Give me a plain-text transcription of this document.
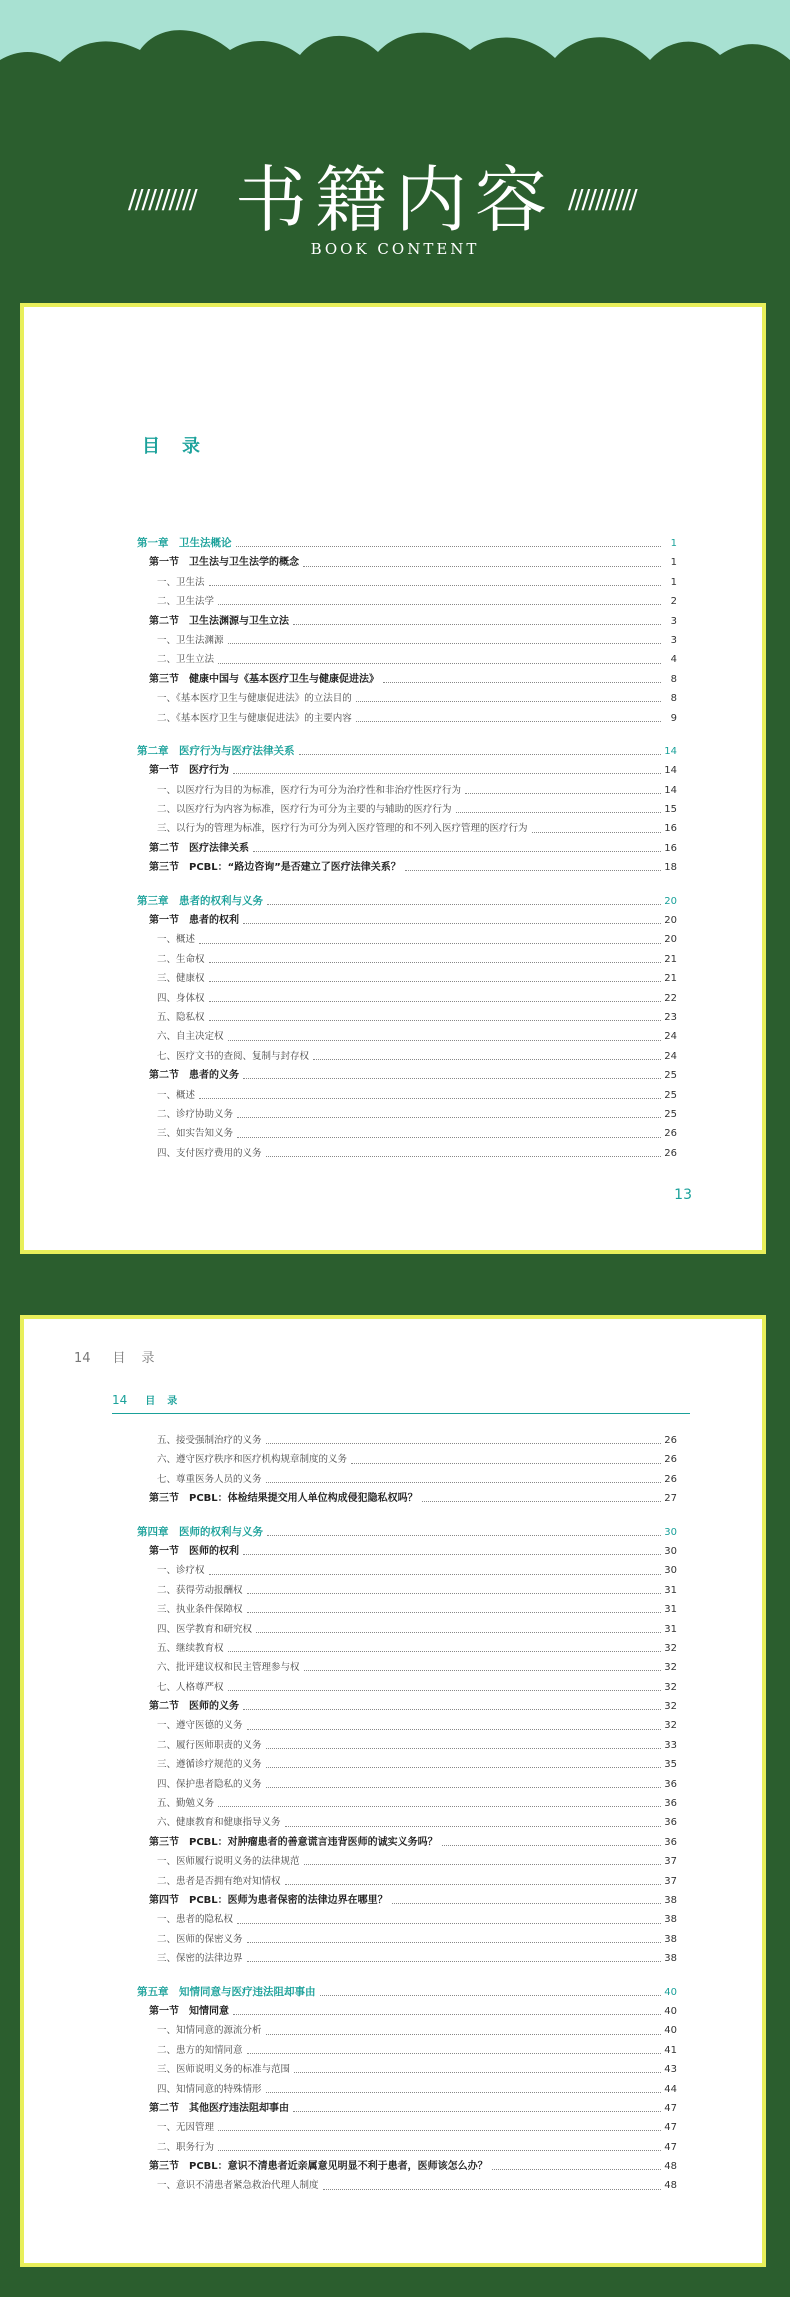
//////////	//////////
书籍内容
BOOK CONTENT
目录
第一章　卫生法概论	1
第一节　卫生法与卫生法学的概念	1
一、卫生法	1
二、卫生法学	2
第二节　卫生法渊源与卫生立法	3
一、卫生法渊源	3
二、卫生立法	4
第三节　健康中国与《基本医疗卫生与健康促进法》	8
一、《基本医疗卫生与健康促进法》的立法目的	8
二、《基本医疗卫生与健康促进法》的主要内容	9
第二章　医疗行为与医疗法律关系	14
第一节　医疗行为	14
一、以医疗行为目的为标准，医疗行为可分为治疗性和非治疗性医疗行为	14
二、以医疗行为内容为标准，医疗行为可分为主要的与辅助的医疗行为	15
三、以行为的管理为标准，医疗行为可分为列入医疗管理的和不列入医疗管理的医疗行为	16
第二节　医疗法律关系	16
第三节　PCBL：“路边咨询”是否建立了医疗法律关系？	18
第三章　患者的权利与义务	20
第一节　患者的权利	20
一、概述	20
二、生命权	21
三、健康权	21
四、身体权	22
五、隐私权	23
六、自主决定权	24
七、医疗文书的查阅、复制与封存权	24
第二节　患者的义务	25
一、概述	25
二、诊疗协助义务	25
三、如实告知义务	26
四、支付医疗费用的义务	26
13
14 目录
14 目录
五、接受强制治疗的义务	26
六、遵守医疗秩序和医疗机构规章制度的义务	26
七、尊重医务人员的义务	26
第三节　PCBL：体检结果提交用人单位构成侵犯隐私权吗？	27
第四章　医师的权利与义务	30
第一节　医师的权利	30
一、诊疗权	30
二、获得劳动报酬权	31
三、执业条件保障权	31
四、医学教育和研究权	31
五、继续教育权	32
六、批评建议权和民主管理参与权	32
七、人格尊严权	32
第二节　医师的义务	32
一、遵守医德的义务	32
二、履行医师职责的义务	33
三、遵循诊疗规范的义务	35
四、保护患者隐私的义务	36
五、勤勉义务	36
六、健康教育和健康指导义务	36
第三节　PCBL：对肿瘤患者的善意谎言违背医师的诚实义务吗？	36
一、医师履行说明义务的法律规范	37
二、患者是否拥有绝对知情权	37
第四节　PCBL：医师为患者保密的法律边界在哪里？	38
一、患者的隐私权	38
二、医师的保密义务	38
三、保密的法律边界	38
第五章　知情同意与医疗违法阻却事由	40
第一节　知情同意	40
一、知情同意的源流分析	40
二、患方的知情同意	41
三、医师说明义务的标准与范围	43
四、知情同意的特殊情形	44
第二节　其他医疗违法阻却事由	47
一、无因管理	47
二、职务行为	47
第三节　PCBL：意识不清患者近亲属意见明显不利于患者，医师该怎么办？	48
一、意识不清患者紧急救治代理人制度	48
